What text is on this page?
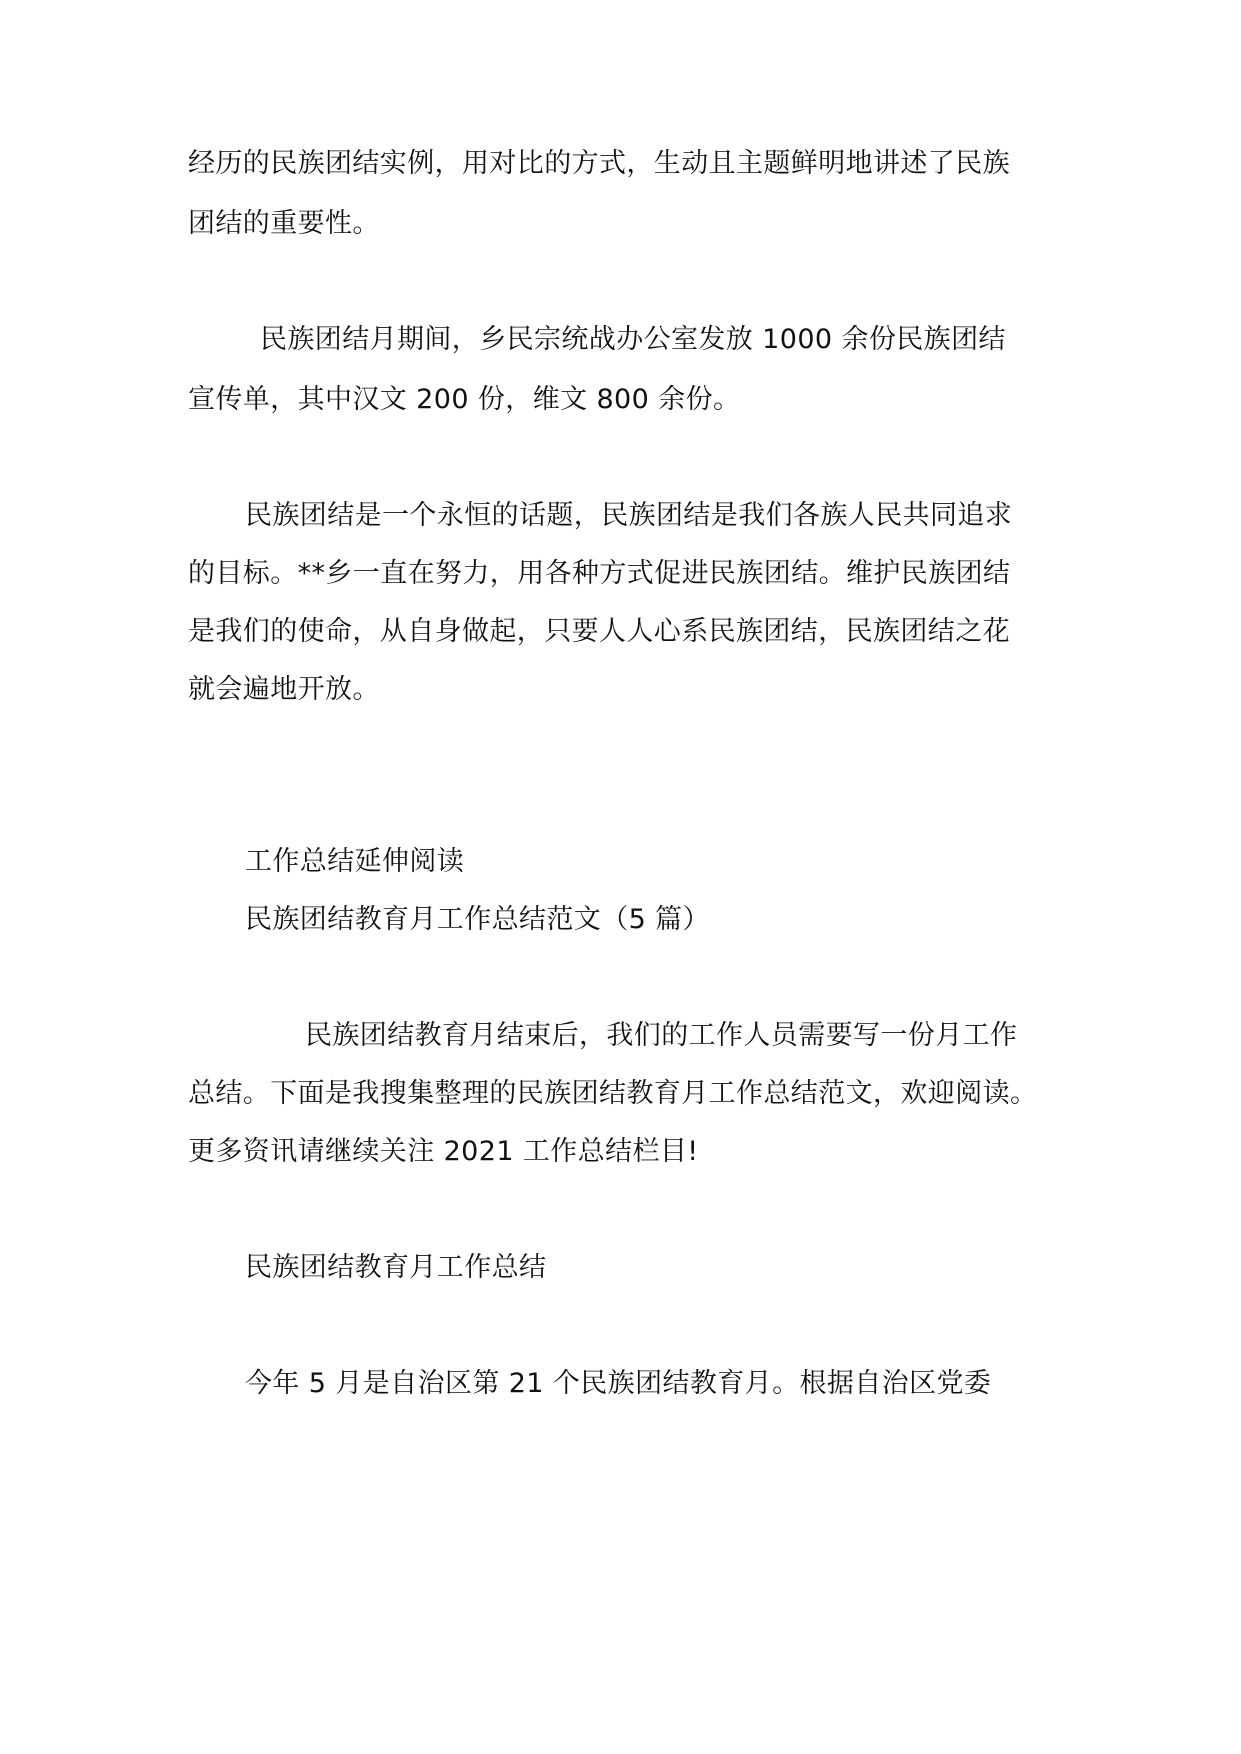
经历的民族团结实例，用对比的方式，生动且主题鲜明地讲述了民族
团结的重要性。
民族团结月期间，乡民宗统战办公室发放 1000 余份民族团结
宣传单，其中汉文 200 份，维文 800 余份。
民族团结是一个永恒的话题，民族团结是我们各族人民共同追求
的目标。**乡一直在努力，用各种方式促进民族团结。维护民族团结
是我们的使命，从自身做起，只要人人心系民族团结，民族团结之花
就会遍地开放。
工作总结延伸阅读
民族团结教育月工作总结范文（5 篇）
民族团结教育月结束后，我们的工作人员需要写一份月工作
总结。下面是我搜集整理的民族团结教育月工作总结范文，欢迎阅读。
更多资讯请继续关注 2021 工作总结栏目!
民族团结教育月工作总结
今年 5 月是自治区第 21 个民族团结教育月。根据自治区党委
